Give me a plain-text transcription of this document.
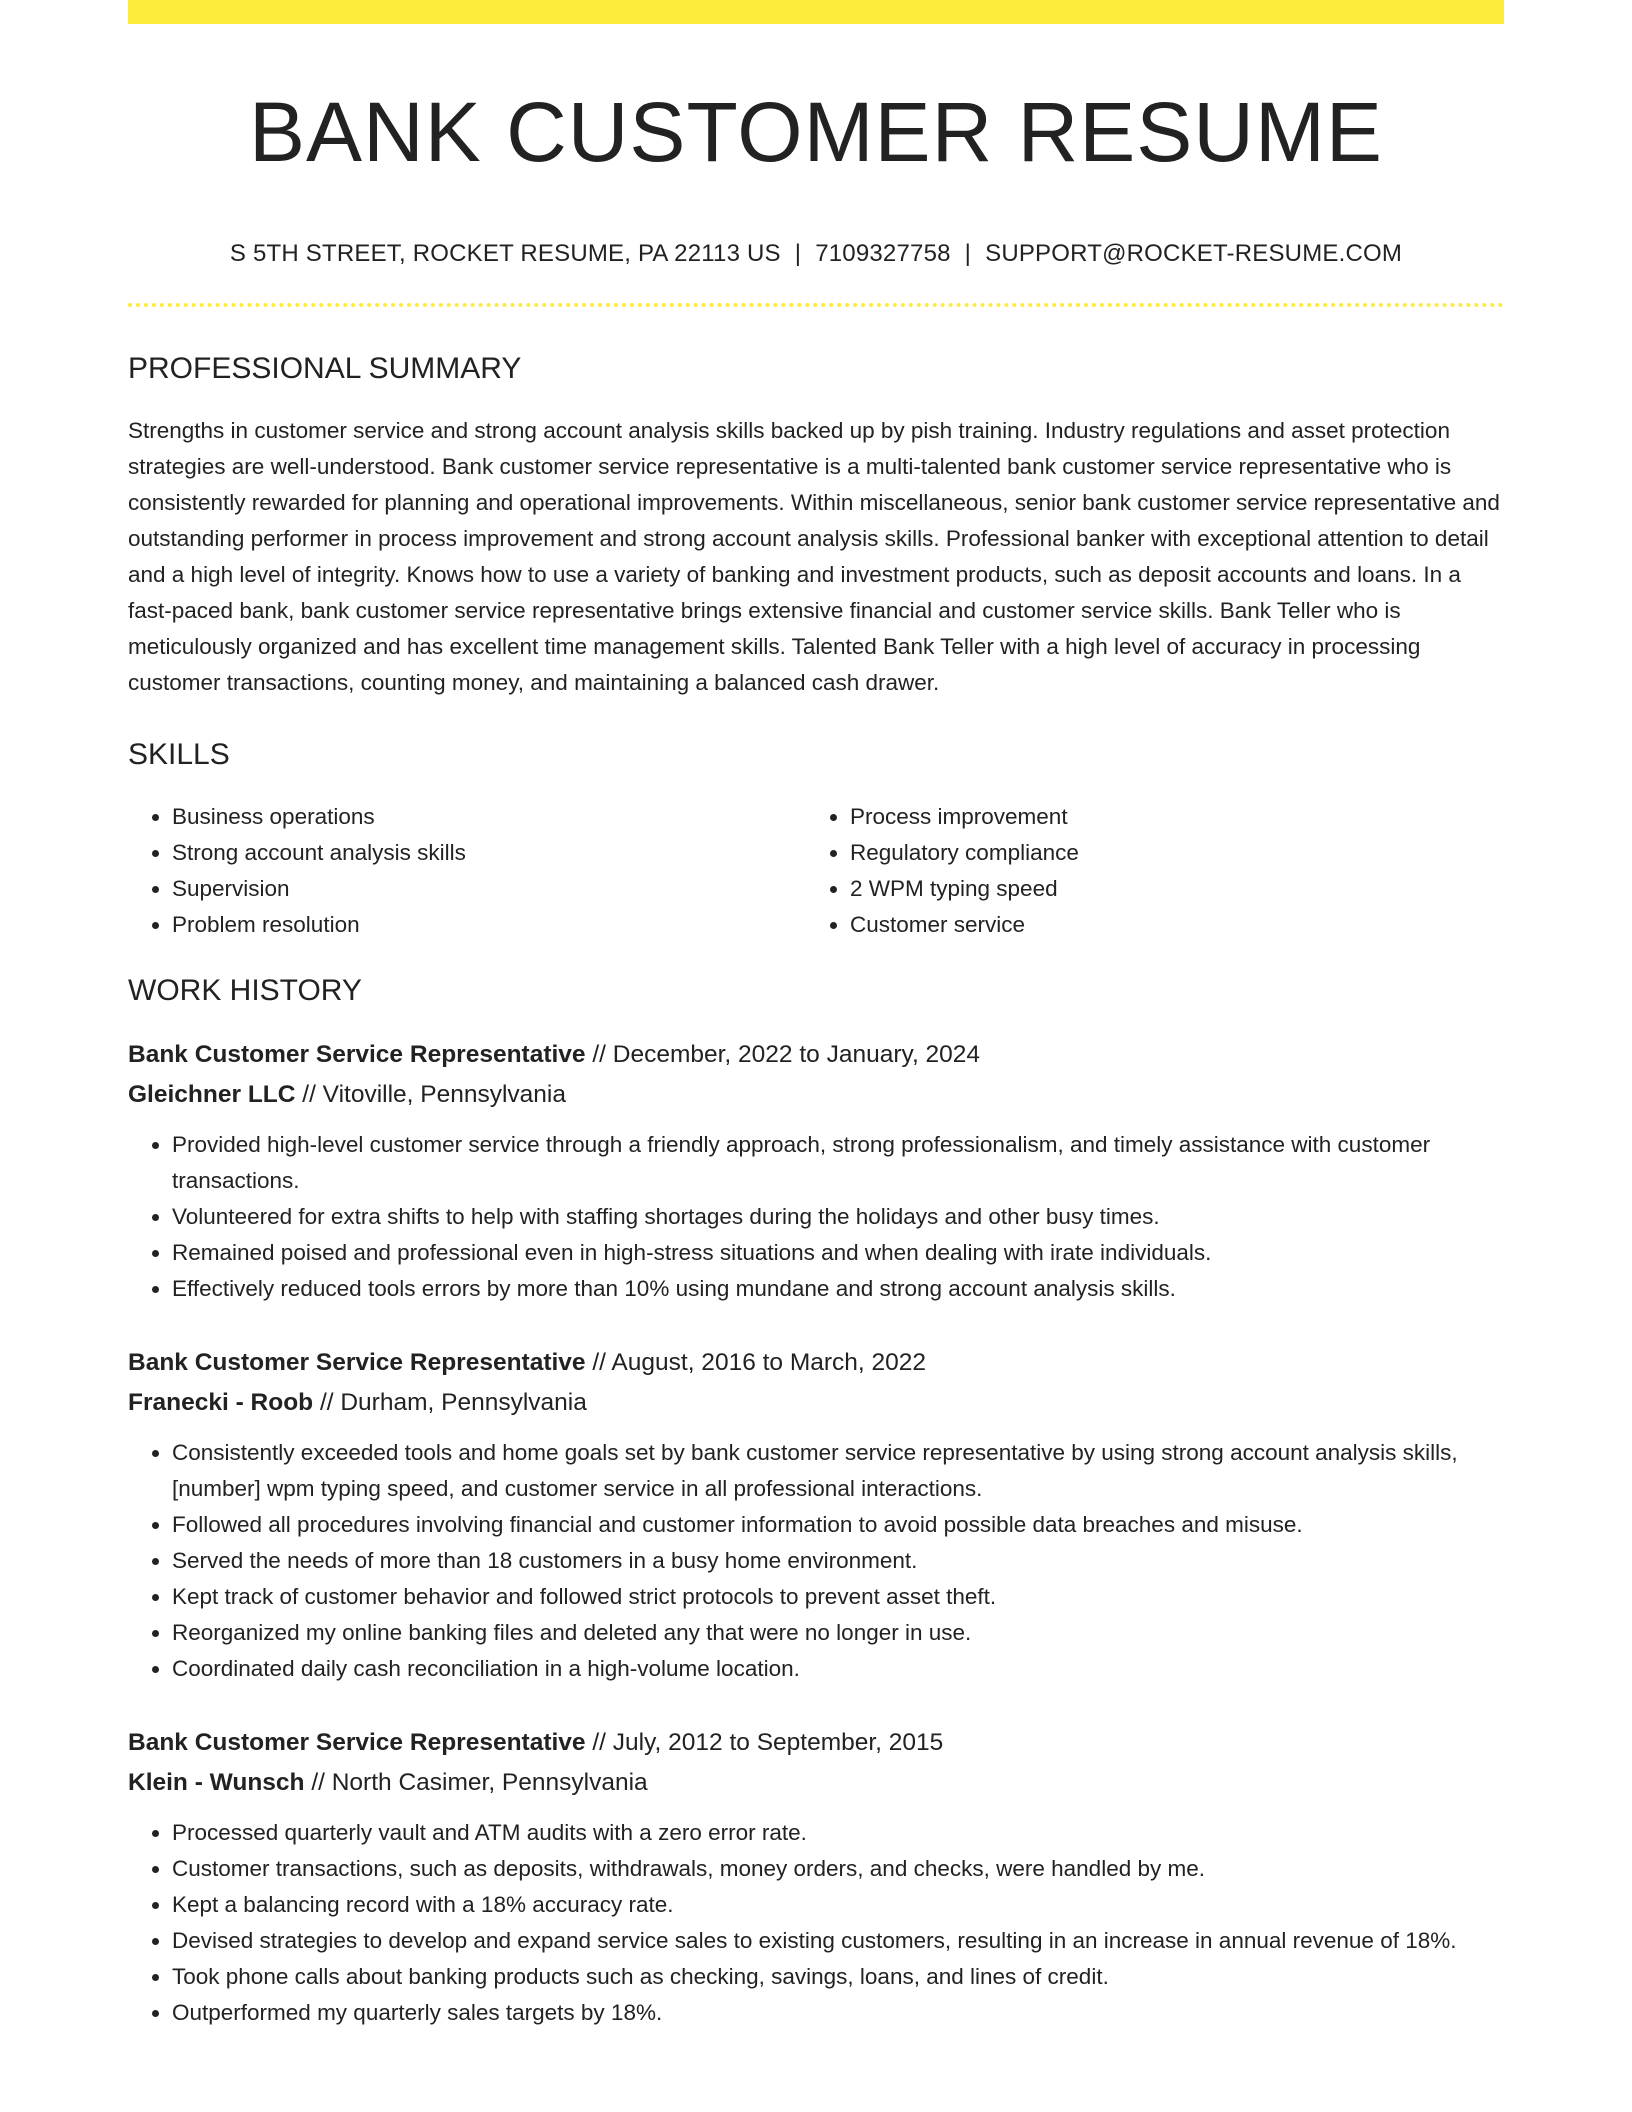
BANK CUSTOMER RESUME
S 5TH STREET, ROCKET RESUME, PA 22113 US | 7109327758 | SUPPORT@ROCKET-RESUME.COM
PROFESSIONAL SUMMARY

Strengths in customer service and strong account analysis skills backed up by pish training. Industry regulations and asset protection strategies are well-understood. Bank customer service representative is a multi-talented bank customer service representative who is consistently rewarded for planning and operational improvements. Within miscellaneous, senior bank customer service representative and outstanding performer in process improvement and strong account analysis skills. Professional banker with exceptional attention to detail and a high level of integrity. Knows how to use a variety of banking and investment products, such as deposit accounts and loans. In a fast-paced bank, bank customer service representative brings extensive financial and customer service skills. Bank Teller who is meticulously organized and has excellent time management skills. Talented Bank Teller with a high level of accuracy in processing customer transactions, counting money, and maintaining a balanced cash drawer.

SKILLS
• Business operations
• Strong account analysis skills
• Supervision
• Problem resolution
• Process improvement
• Regulatory compliance
• 2 WPM typing speed
• Customer service
WORK HISTORY
Bank Customer Service Representative // December, 2022 to January, 2024
Gleichner LLC // Vitoville, Pennsylvania
• Provided high-level customer service through a friendly approach, strong professionalism, and timely assistance with customer transactions.
• Volunteered for extra shifts to help with staffing shortages during the holidays and other busy times.
• Remained poised and professional even in high-stress situations and when dealing with irate individuals.
• Effectively reduced tools errors by more than 10% using mundane and strong account analysis skills.
Bank Customer Service Representative // August, 2016 to March, 2022
Franecki - Roob // Durham, Pennsylvania
• Consistently exceeded tools and home goals set by bank customer service representative by using strong account analysis skills, [number] wpm typing speed, and customer service in all professional interactions.
• Followed all procedures involving financial and customer information to avoid possible data breaches and misuse.
• Served the needs of more than 18 customers in a busy home environment.
• Kept track of customer behavior and followed strict protocols to prevent asset theft.
• Reorganized my online banking files and deleted any that were no longer in use.
• Coordinated daily cash reconciliation in a high-volume location.
Bank Customer Service Representative // July, 2012 to September, 2015
Klein - Wunsch // North Casimer, Pennsylvania
• Processed quarterly vault and ATM audits with a zero error rate.
• Customer transactions, such as deposits, withdrawals, money orders, and checks, were handled by me.
• Kept a balancing record with a 18% accuracy rate.
• Devised strategies to develop and expand service sales to existing customers, resulting in an increase in annual revenue of 18%.
• Took phone calls about banking products such as checking, savings, loans, and lines of credit.
• Outperformed my quarterly sales targets by 18%.
